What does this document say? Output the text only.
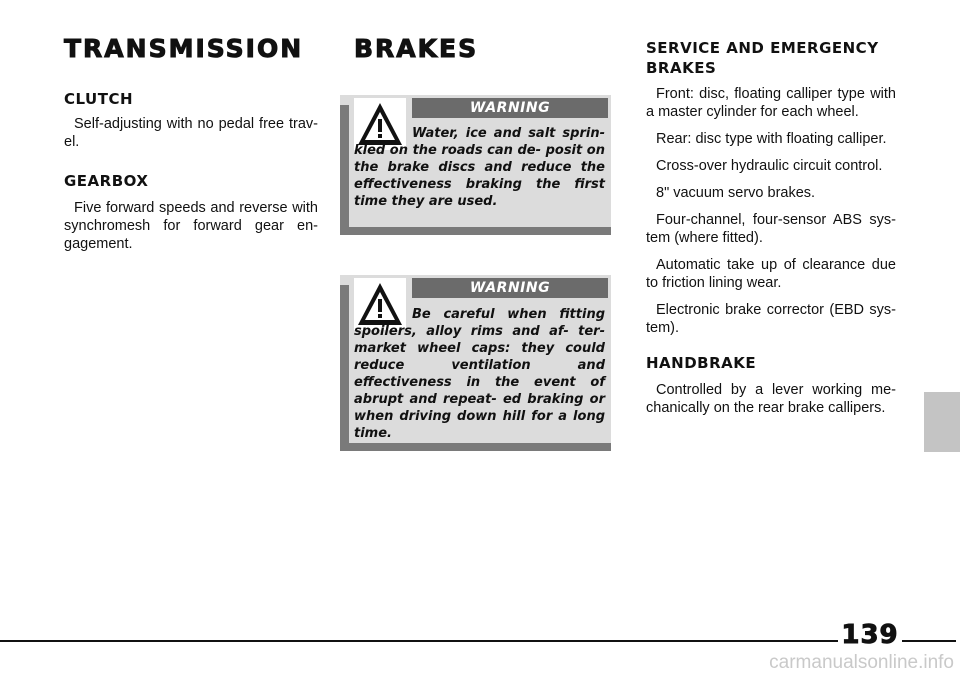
TRANSMISSION
CLUTCH
Self-adjusting with no pedal free trav- el.
GEARBOX
Five forward speeds and reverse with synchromesh for forward gear en- gagement.
BRAKES
WARNING
Water, ice and salt sprin- kled on the roads can de- posit on the brake discs and reduce the effectiveness braking the first time they are used.
WARNING
Be careful when fitting spoilers, alloy rims and af- ter-market wheel caps: they could reduce ventilation and effectiveness in the event of abrupt and repeat- ed braking or when driving down hill for a long time.
SERVICE AND EMERGENCY BRAKES
Front: disc, floating calliper type with a master cylinder for each wheel.
Rear: disc type with floating calliper.
Cross-over hydraulic circuit control.
8" vacuum servo brakes.
Four-channel, four-sensor ABS sys- tem (where fitted).
Automatic take up of clearance due to friction lining wear.
Electronic brake corrector (EBD sys- tem).
HANDBRAKE
Controlled by a lever working me- chanically on the rear brake callipers.
139
carmanualsonline.info
